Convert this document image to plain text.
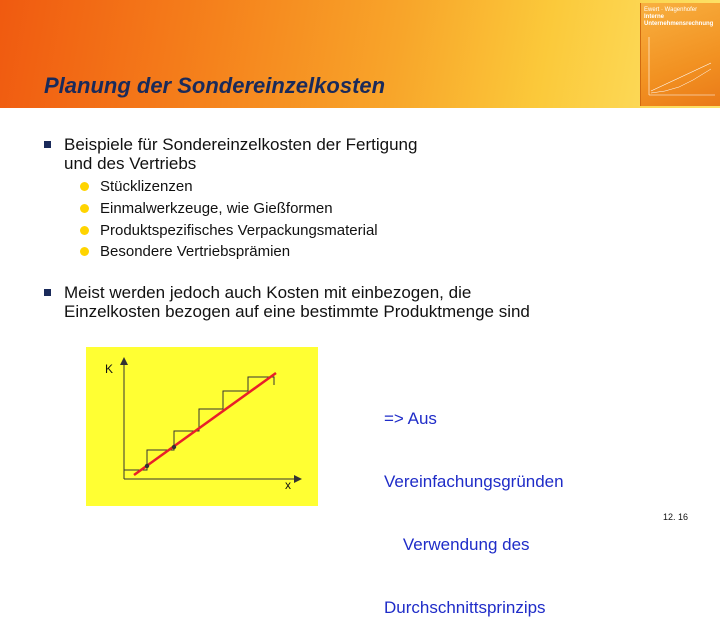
Planung der Sondereinzelkosten
Ewert · Wagenhofer
Interne
Unternehmensrechnung
Beispiele für Sondereinzelkosten der Fertigung
und des Vertriebs
Stücklizenzen
Einmalwerkzeuge, wie Gießformen
Produktspezifisches Verpackungsmaterial
Besondere Vertriebsprämien
Meist werden jedoch auch Kosten mit einbezogen, die
Einzelkosten bezogen auf eine bestimmte Produktmenge sind
K
x

=> Aus

Vereinfachungsgründen

Verwendung des

Durchschnittsprinzips

12. 16
